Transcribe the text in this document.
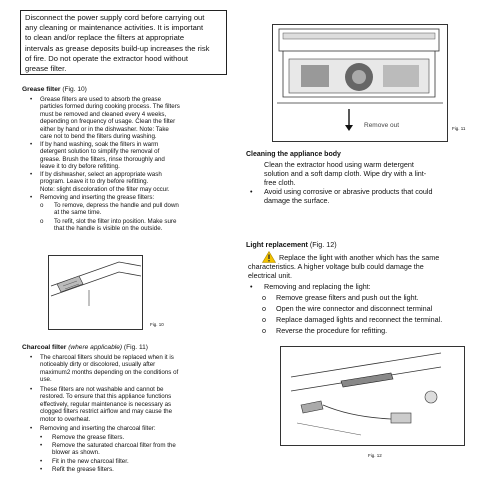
Disconnect the power supply cord before carrying out
any cleaning or maintenance activities. It is important
to clean and/or replace the filters at appropriate
intervals as grease deposits build-up increases the risk
of fire. Do not operate the extractor hood without
grease filter.
Grease filter (Fig. 10)
• Grease filters are used to absorb the grease
particles formed during cooking process. The filters
must be removed and cleaned every 4 weeks,
depending on frequency of usage. Clean the filter
either by hand or in the dishwasher. Note: Take
care not to bend the filters during washing.
• If by hand washing, soak the filters in warm
detergent solution to simplify the removal of
grease. Brush the filters, rinse thoroughly and
leave it to dry before refitting.
• If by dishwasher, select an appropriate wash
program. Leave it to dry before refitting.
Note: slight discoloration of the filter may occur.
• Removing and inserting the grease filters:
o To remove, depress the handle and pull down
at the same time.
o To refit, slot the filter into position. Make sure
that the handle is visible on the outside.
Fig. 10
Charcoal filter (where applicable) (Fig. 11)
• The charcoal filters should be replaced when it is
noticeably dirty or discolored, usually after
maximum2 months depending on the conditions of
use.
• These filters are not washable and cannot be
restored. To ensure that this appliance functions
effectively, regular maintenance is necessary as
clogged filters restrict airflow and may cause the
motor to overheat.
• Removing and inserting the charcoal filter:
• Remove the grease filters.
• Remove the saturated charcoal filter from the
blower as shown.
• Fit in the new charcoal filter.
• Refit the grease filters.
Remove out	Fig. 11
Cleaning the appliance body
Clean the extractor hood using warm detergent
solution and a soft damp cloth. Wipe dry with a lint-
free cloth.
• Avoid using corrosive or abrasive products that could
damage the surface.
Light replacement (Fig. 12)
Replace the light with another which has the same
characteristics. A higher voltage bulb could damage the
electrical unit.
• Removing and replacing the light:
o Remove grease filters and push out the light.
o Open the wire connector and disconnect terminal
o Replace damaged lights and reconnect the terminal.
o Reverse the procedure for refitting.
Fig. 12
